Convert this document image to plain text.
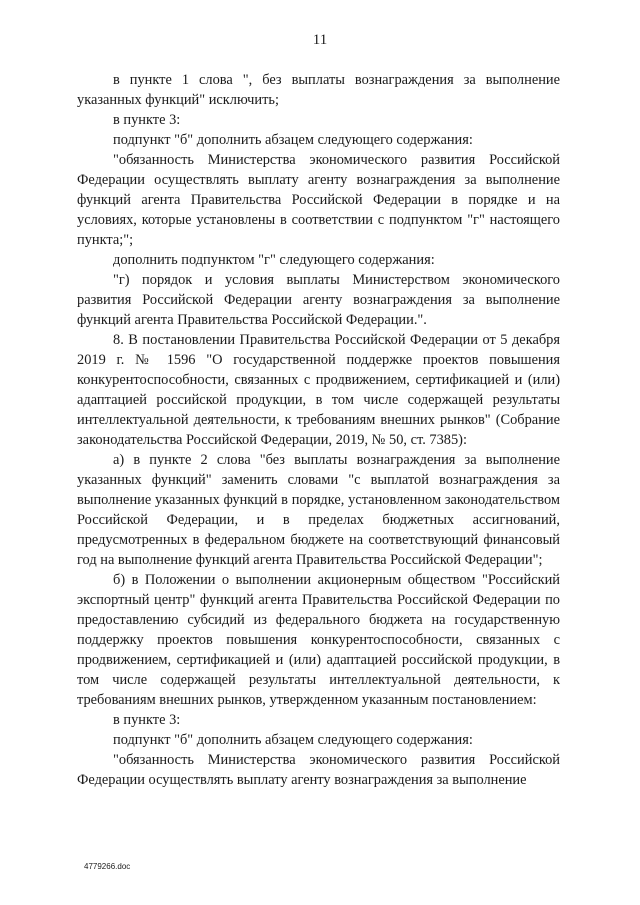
11

в пункте 1 слова ", без выплаты вознаграждения за выполнение указанных функций" исключить;

в пункте 3:

подпункт "б" дополнить абзацем следующего содержания:

"обязанность Министерства экономического развития Российской Федерации осуществлять выплату агенту вознаграждения за выполнение функций агента Правительства Российской Федерации в порядке и на условиях, которые установлены в соответствии с подпунктом "г" настоящего пункта;";

дополнить подпунктом "г" следующего содержания:

"г) порядок и условия выплаты Министерством экономического развития Российской Федерации агенту вознаграждения за выполнение функций агента Правительства Российской Федерации.".

8. В постановлении Правительства Российской Федерации от 5 декабря 2019 г. № 1596 "О государственной поддержке проектов повышения конкурентоспособности, связанных с продвижением, сертификацией и (или) адаптацией российской продукции, в том числе содержащей результаты интеллектуальной деятельности, к требованиям внешних рынков" (Собрание законодательства Российской Федерации, 2019, № 50, ст. 7385):

а) в пункте 2 слова "без выплаты вознаграждения за выполнение указанных функций" заменить словами "с выплатой вознаграждения за выполнение указанных функций в порядке, установленном законодательством Российской Федерации, и в пределах бюджетных ассигнований, предусмотренных в федеральном бюджете на соответствующий финансовый год на выполнение функций агента Правительства Российской Федерации";

б) в Положении о выполнении акционерным обществом "Российский экспортный центр" функций агента Правительства Российской Федерации по предоставлению субсидий из федерального бюджета на государственную поддержку проектов повышения конкурентоспособности, связанных с продвижением, сертификацией и (или) адаптацией российской продукции, в том числе содержащей результаты интеллектуальной деятельности, к требованиям внешних рынков, утвержденном указанным постановлением:

в пункте 3:

подпункт "б" дополнить абзацем следующего содержания:

"обязанность Министерства экономического развития Российской Федерации осуществлять выплату агенту вознаграждения за выполнение

4779266.doc
